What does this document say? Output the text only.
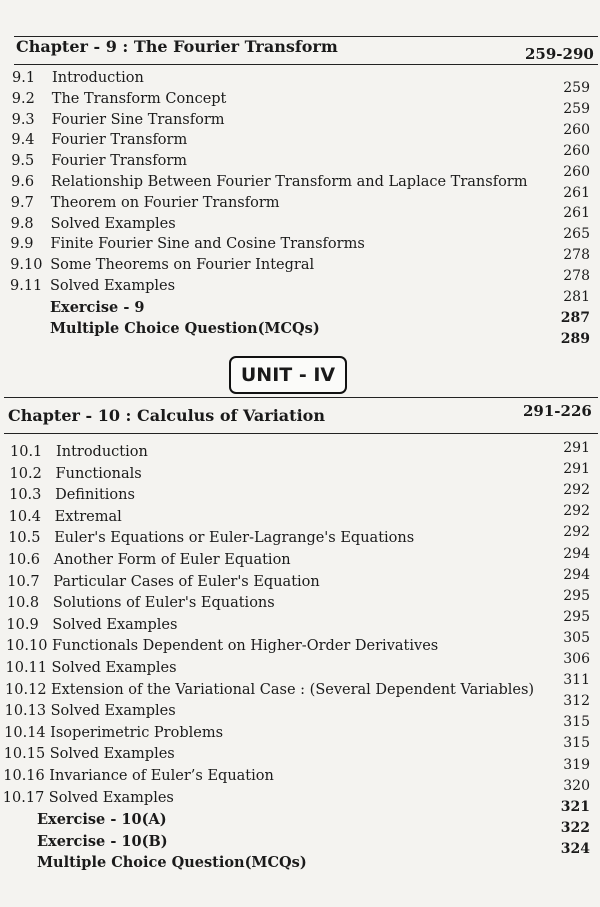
Chapter - 9 : The Fourier Transform	259-290
9.1 Introduction
9.2 The Transform Concept
9.3 Fourier Sine Transform
9.4 Fourier Transform
9.5 Fourier Transform
9.6 Relationship Between Fourier Transform and Laplace Transform
9.7 Theorem on Fourier Transform
9.8 Solved Examples
9.9 Finite Fourier Sine and Cosine Transforms
9.10 Some Theorems on Fourier Integral
9.11 Solved Examples
Exercise - 9
Multiple Choice Question(MCQs)
259
259
260
260
260
261
261
265
278
278
281
287
289
UNIT - IV
Chapter - 10 : Calculus of Variation	291-226
10.1 Introduction
10.2 Functionals
10.3 Definitions
10.4 Extremal
10.5 Euler's Equations or Euler-Lagrange's Equations
10.6 Another Form of Euler Equation
10.7 Particular Cases of Euler's Equation
10.8 Solutions of Euler's Equations
10.9 Solved Examples
10.10 Functionals Dependent on Higher-Order Derivatives
10.11 Solved Examples
10.12 Extension of the Variational Case : (Several Dependent Variables)
10.13 Solved Examples
10.14 Isoperimetric Problems
10.15 Solved Examples
10.16 Invariance of Euler’s Equation
10.17 Solved Examples
Exercise - 10(A)
Exercise - 10(B)
Multiple Choice Question(MCQs)
291
291
292
292
292
294
294
295
295
305
306
311
312
315
315
319
320
321
322
324
